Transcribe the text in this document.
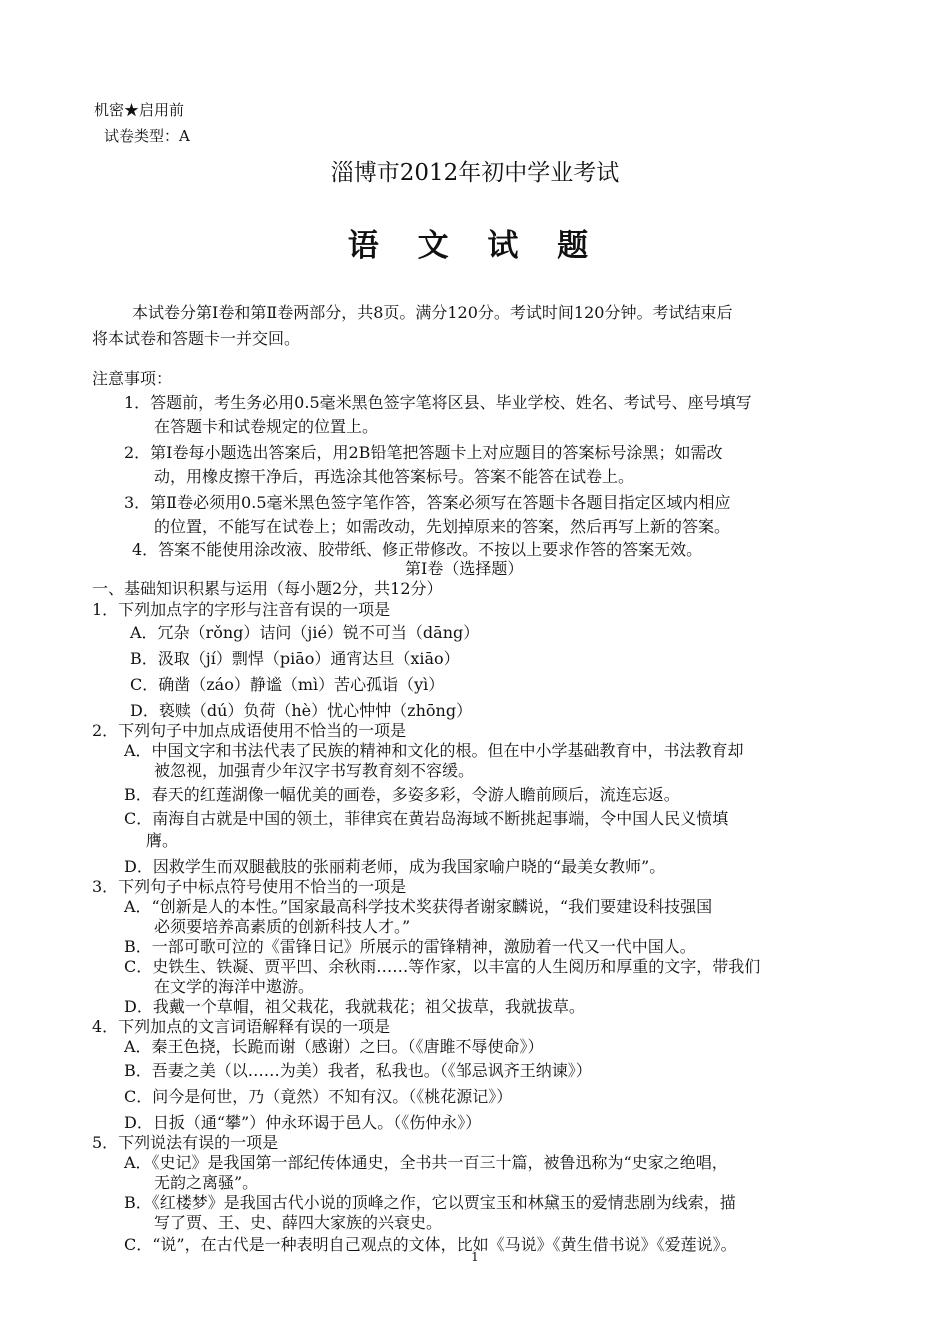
机密★启用前
试卷类型：A
淄博市2012年初中学业考试
语 文 试 题
本试卷分第Ⅰ卷和第Ⅱ卷两部分，共8页。满分120分。考试时间120分钟。考试结束后
将本试卷和答题卡一并交回。
注意事项：
1．答题前，考生务必用0.5毫米黑色签字笔将区县、毕业学校、姓名、考试号、座号填写
在答题卡和试卷规定的位置上。
2．第Ⅰ卷每小题选出答案后，用2B铅笔把答题卡上对应题目的答案标号涂黑；如需改
动，用橡皮擦干净后，再选涂其他答案标号。答案不能答在试卷上。
3．第Ⅱ卷必须用0.5毫米黑色签字笔作答，答案必须写在答题卡各题目指定区域内相应
的位置，不能写在试卷上；如需改动，先划掉原来的答案，然后再写上新的答案。
4．答案不能使用涂改液、胶带纸、修正带修改。不按以上要求作答的答案无效。
第Ⅰ卷（选择题）
一、基础知识积累与运用（每小题2分，共12分）
1．下列加点字的字形与注音有误的一项是
A．冗杂（rǒng）诘问（jié）锐不可当（dāng）
B．汲取（jí）剽悍（piāo）通宵达旦（xiāo）
C．确凿（záo）静谧（mì）苦心孤诣（yì）
D．亵赎（dú）负荷（hè）忧心忡忡（zhōng）
2．下列句子中加点成语使用不恰当的一项是
A．中国文字和书法代表了民族的精神和文化的根。但在中小学基础教育中，书法教育却
被忽视，加强青少年汉字书写教育刻不容缓。
B．春天的红莲湖像一幅优美的画卷，多姿多彩，令游人瞻前顾后，流连忘返。
C．南海自古就是中国的领土，菲律宾在黄岩岛海域不断挑起事端，令中国人民义愤填
膺。
D．因救学生而双腿截肢的张丽莉老师，成为我国家喻户晓的“最美女教师”。
3．下列句子中标点符号使用不恰当的一项是
A．“创新是人的本性。”国家最高科学技术奖获得者谢家麟说，“我们要建设科技强国
必须要培养高素质的创新科技人才。”
B．一部可歌可泣的《雷锋日记》所展示的雷锋精神，激励着一代又一代中国人。
C．史铁生、铁凝、贾平凹、余秋雨……等作家，以丰富的人生阅历和厚重的文字，带我们
在文学的海洋中遨游。
D．我戴一个草帽，祖父栽花，我就栽花；祖父拔草，我就拔草。
4．下列加点的文言词语解释有误的一项是
A．秦王色挠，长跪而谢（感谢）之曰。（《唐雎不辱使命》）
B．吾妻之美（以……为美）我者，私我也。（《邹忌讽齐王纳谏》）
C．问今是何世，乃（竟然）不知有汉。（《桃花源记》）
D．日扳（通“攀”）仲永环谒于邑人。（《伤仲永》）
5．下列说法有误的一项是
A．《史记》是我国第一部纪传体通史，全书共一百三十篇，被鲁迅称为“史家之绝唱，
无韵之离骚”。
B．《红楼梦》是我国古代小说的顶峰之作，它以贾宝玉和林黛玉的爱情悲剧为线索，描
写了贾、王、史、薛四大家族的兴衰史。
C．“说”，在古代是一种表明自己观点的文体，比如《马说》《黄生借书说》《爱莲说》。
1
